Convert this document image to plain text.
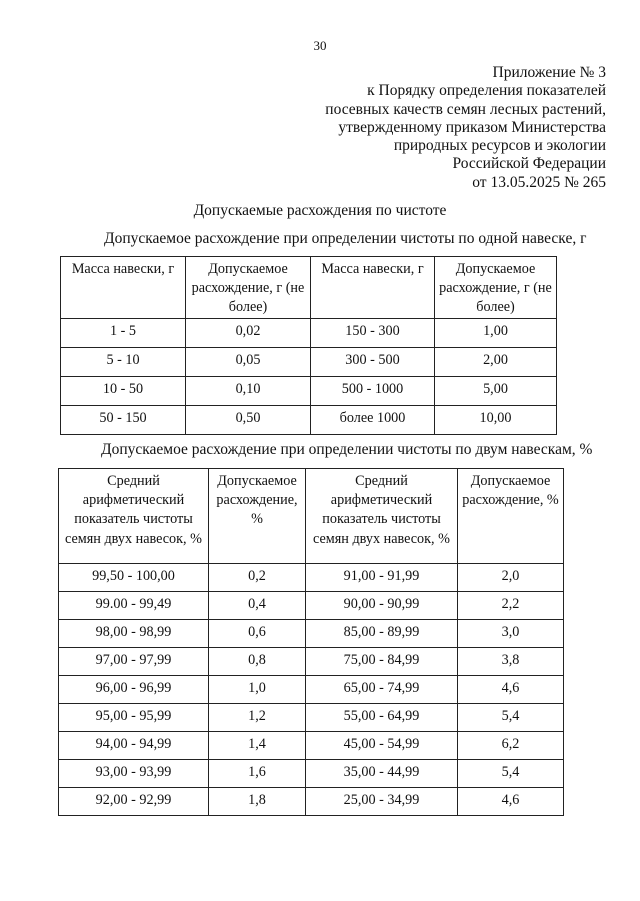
30
Приложение № 3
к Порядку определения показателей
посевных качеств семян лесных растений,
утвержденному приказом Министерства
природных ресурсов и экологии
Российской Федерации
от 13.05.2025 № 265
Допускаемые расхождения по чистоте
Допускаемое расхождение при определении чистоты по одной навеске, г
Масса навески, г	Допускаемое расхождение, г (не более)	Масса навески, г	Допускаемое расхождение, г (не более)
1 - 5	0,02	150 - 300	1,00
5 - 10	0,05	300 - 500	2,00
10 - 50	0,10	500 - 1000	5,00
50 - 150	0,50	более 1000	10,00
Допускаемое расхождение при определении чистоты по двум навескам, %
Средний арифметический показатель чистоты семян двух навесок, %	Допускаемое расхождение, %	Средний арифметический показатель чистоты семян двух навесок, %	Допускаемое расхождение, %
99,50 - 100,00	0,2	91,00 - 91,99	2,0
99.00 - 99,49	0,4	90,00 - 90,99	2,2
98,00 - 98,99	0,6	85,00 - 89,99	3,0
97,00 - 97,99	0,8	75,00 - 84,99	3,8
96,00 - 96,99	1,0	65,00 - 74,99	4,6
95,00 - 95,99	1,2	55,00 - 64,99	5,4
94,00 - 94,99	1,4	45,00 - 54,99	6,2
93,00 - 93,99	1,6	35,00 - 44,99	5,4
92,00 - 92,99	1,8	25,00 - 34,99	4,6
